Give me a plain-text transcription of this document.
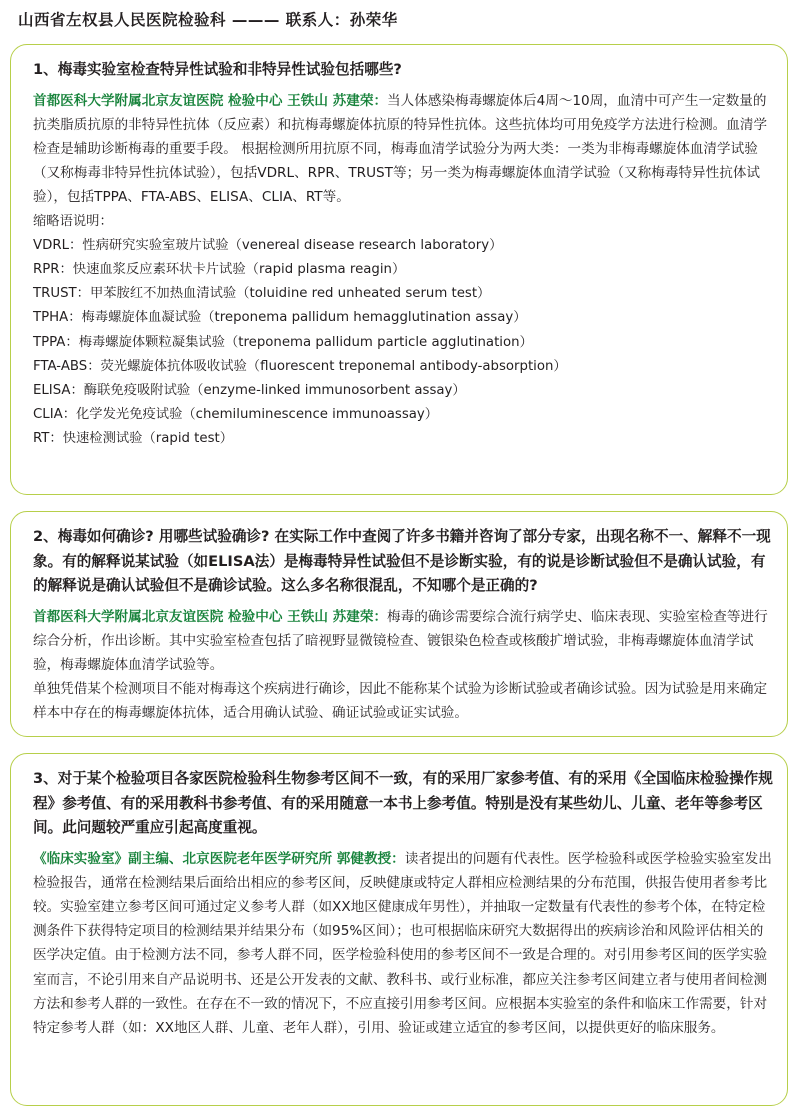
山西省左权县人民医院检验科 ——— 联系人：孙荣华

1、梅毒实验室检查特异性试验和非特异性试验包括哪些?

首都医科大学附属北京友谊医院 检验中心 王铁山 苏建荣：当人体感染梅毒螺旋体后4周～10周，血清中可产生一定数量的抗类脂质抗原的非特异性抗体（反应素）和抗梅毒螺旋体抗原的特异性抗体。这些抗体均可用免疫学方法进行检测。血清学检查是辅助诊断梅毒的重要手段。 根据检测所用抗原不同，梅毒血清学试验分为两大类：一类为非梅毒螺旋体血清学试验（又称梅毒非特异性抗体试验），包括VDRL、RPR、TRUST等；另一类为梅毒螺旋体血清学试验（又称梅毒特异性抗体试验），包括TPPA、FTA-ABS、ELISA、CLIA、RT等。

缩略语说明：
VDRL：性病研究实验室玻片试验（venereal disease research laboratory）
RPR：快速血浆反应素环状卡片试验（rapid plasma reagin）
TRUST：甲苯胺红不加热血清试验（toluidine red unheated serum test）
TPHA：梅毒螺旋体血凝试验（treponema pallidum hemagglutination assay）
TPPA：梅毒螺旋体颗粒凝集试验（treponema pallidum particle agglutination）
FTA-ABS：荧光螺旋体抗体吸收试验（fluorescent treponemal antibody-absorption）
ELISA：酶联免疫吸附试验（enzyme-linked immunosorbent assay）
CLIA：化学发光免疫试验（chemiluminescence immunoassay）
RT：快速检测试验（rapid test）

2、梅毒如何确诊? 用哪些试验确诊? 在实际工作中查阅了许多书籍并咨询了部分专家，出现名称不一、解释不一现象。有的解释说某试验（如ELISA法）是梅毒特异性试验但不是诊断实验，有的说是诊断试验但不是确认试验，有的解释说是确认试验但不是确诊试验。这么多名称很混乱，不知哪个是正确的?

首都医科大学附属北京友谊医院 检验中心 王铁山 苏建荣：梅毒的确诊需要综合流行病学史、临床表现、实验室检查等进行综合分析，作出诊断。其中实验室检查包括了暗视野显微镜检查、镀银染色检查或核酸扩增试验，非梅毒螺旋体血清学试验，梅毒螺旋体血清学试验等。

单独凭借某个检测项目不能对梅毒这个疾病进行确诊，因此不能称某个试验为诊断试验或者确诊试验。因为试验是用来确定样本中存在的梅毒螺旋体抗体，适合用确认试验、确证试验或证实试验。

3、对于某个检验项目各家医院检验科生物参考区间不一致，有的采用厂家参考值、有的采用《全国临床检验操作规程》参考值、有的采用教科书参考值、有的采用随意一本书上参考值。特别是没有某些幼儿、儿童、老年等参考区间。此问题较严重应引起高度重视。

《临床实验室》副主编、北京医院老年医学研究所 郭健教授：读者提出的问题有代表性。医学检验科或医学检验实验室发出检验报告，通常在检测结果后面给出相应的参考区间，反映健康或特定人群相应检测结果的分布范围，供报告使用者参考比较。实验室建立参考区间可通过定义参考人群（如XX地区健康成年男性），并抽取一定数量有代表性的参考个体，在特定检测条件下获得特定项目的检测结果并结果分布（如95%区间）；也可根据临床研究大数据得出的疾病诊治和风险评估相关的医学决定值。由于检测方法不同，参考人群不同，医学检验科使用的参考区间不一致是合理的。对引用参考区间的医学实验室而言，不论引用来自产品说明书、还是公开发表的文献、教科书、或行业标准，都应关注参考区间建立者与使用者间检测方法和参考人群的一致性。在存在不一致的情况下，不应直接引用参考区间。应根据本实验室的条件和临床工作需要，针对特定参考人群（如：XX地区人群、儿童、老年人群），引用、验证或建立适宜的参考区间，以提供更好的临床服务。
